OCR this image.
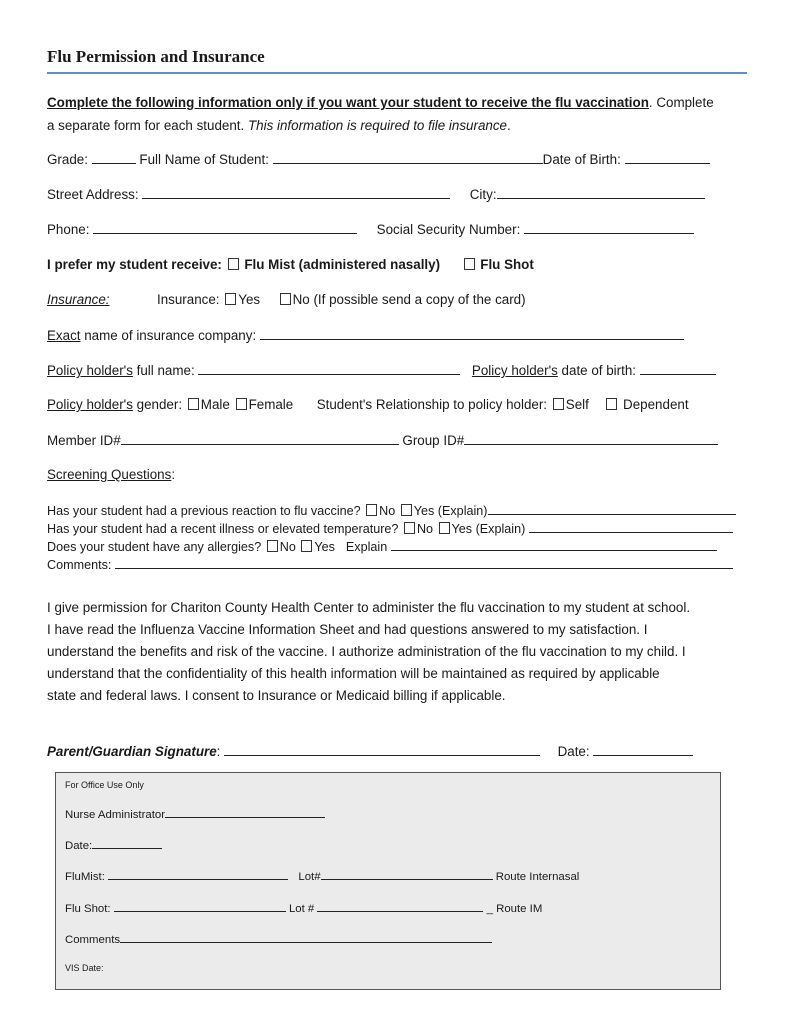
Flu Permission and Insurance
Complete the following information only if you want your student to receive the flu vaccination. Complete
a separate form for each student. This information is required to file insurance.
Grade:	Full Name of Student:	Date of Birth:
Street Address:	City:
Phone:	Social Security Number:
I prefer my student receive: Flu Mist (administered nasally)	Flu Shot
Insurance:	Insurance: Yes No (If possible send a copy of the card)
Exact name of insurance company:
Policy holder's full name:	Policy holder's date of birth:
Policy holder's gender: Male Female Student's Relationship to policy holder: Self	Dependent
Member ID#	Group ID#
Screening Questions:
Has your student had a previous reaction to flu vaccine? No Yes (Explain)
Has your student had a recent illness or elevated temperature? No Yes (Explain)
Does your student have any allergies? No Yes Explain
Comments:
I give permission for Chariton County Health Center to administer the flu vaccination to my student at school.
I have read the Influenza Vaccine Information Sheet and had questions answered to my satisfaction. I
understand the benefits and risk of the vaccine. I authorize administration of the flu vaccination to my child. I
understand that the confidentiality of this health information will be maintained as required by applicable
state and federal laws. I consent to Insurance or Medicaid billing if applicable.
Parent/Guardian Signature:	Date:
For Office Use Only
Nurse Administrator
Date:
FluMist:	Lot#	Route Internasal
Flu Shot:	Lot #	_ Route IM
Comments
VIS Date:
